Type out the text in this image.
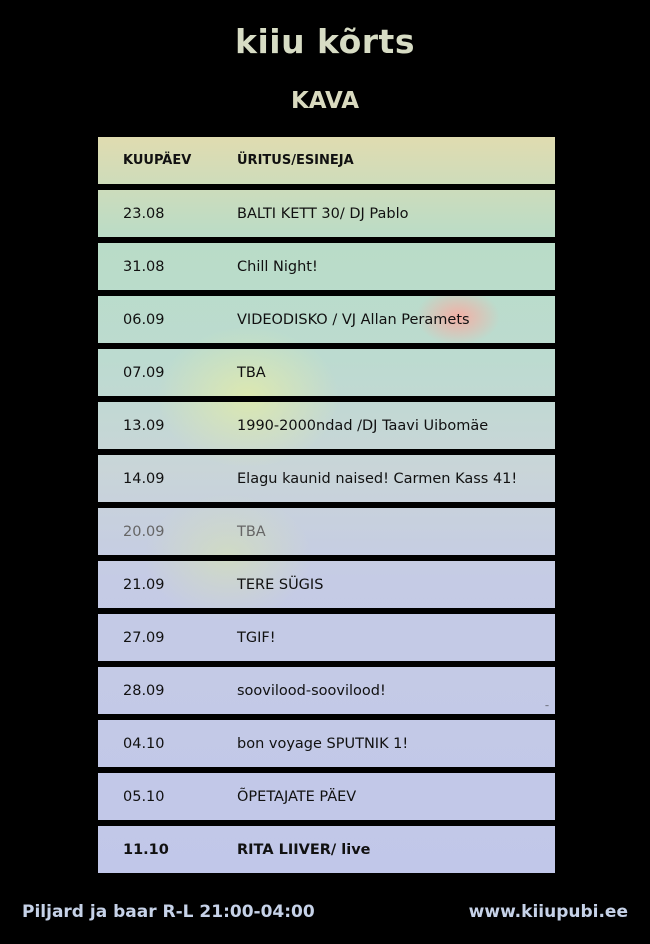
kiiu kõrts
KAVA
KUUPÄEV	ÜRITUS/ESINEJA
23.08	BALTI KETT 30/ DJ Pablo
31.08	Chill Night!
06.09	VIDEODISKO / VJ Allan Peramets
07.09	TBA
13.09	1990-2000ndad /DJ Taavi Uibomäe
14.09	Elagu kaunid naised! Carmen Kass 41!
20.09	TBA
21.09	TERE SÜGIS
27.09	TGIF!
28.09	soovilood-soovilood!
–
04.10	bon voyage SPUTNIK 1!
05.10	ÕPETAJATE PÄEV
11.10	RITA LIIVER/ live
Piljard ja baar R-L 21:00-04:00	www.kiiupubi.ee
